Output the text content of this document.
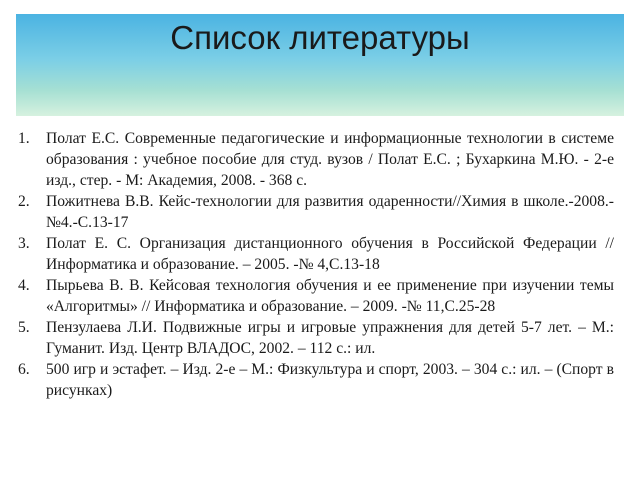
Список литературы
1. Полат Е.С. Современные педагогические и информационные технологии в системе образования : учебное пособие для студ. вузов / Полат Е.С. ; Бухаркина М.Ю. - 2-е изд., стер. - М: Академия, 2008. - 368 с.
2. Пожитнева В.В. Кейс-технологии для развития одаренности//Химия в школе.-2008.-№4.-С.13-17
3. Полат Е. С. Организация дистанционного обучения в Российской Федерации // Информатика и образование. – 2005. -№ 4,С.13-18
4. Пырьева В. В. Кейсовая технология обучения и ее применение при изучении темы «Алгоритмы» // Информатика и образование. – 2009. -№ 11,С.25-28
5. Пензулаева Л.И. Подвижные игры и игровые упражнения для детей 5-7 лет. – М.: Гуманит. Изд. Центр ВЛАДОС, 2002. – 112 с.: ил.
6. 500 игр и эстафет. – Изд. 2-е – М.: Физкультура и спорт, 2003. – 304 с.: ил. – (Спорт в рисунках)
